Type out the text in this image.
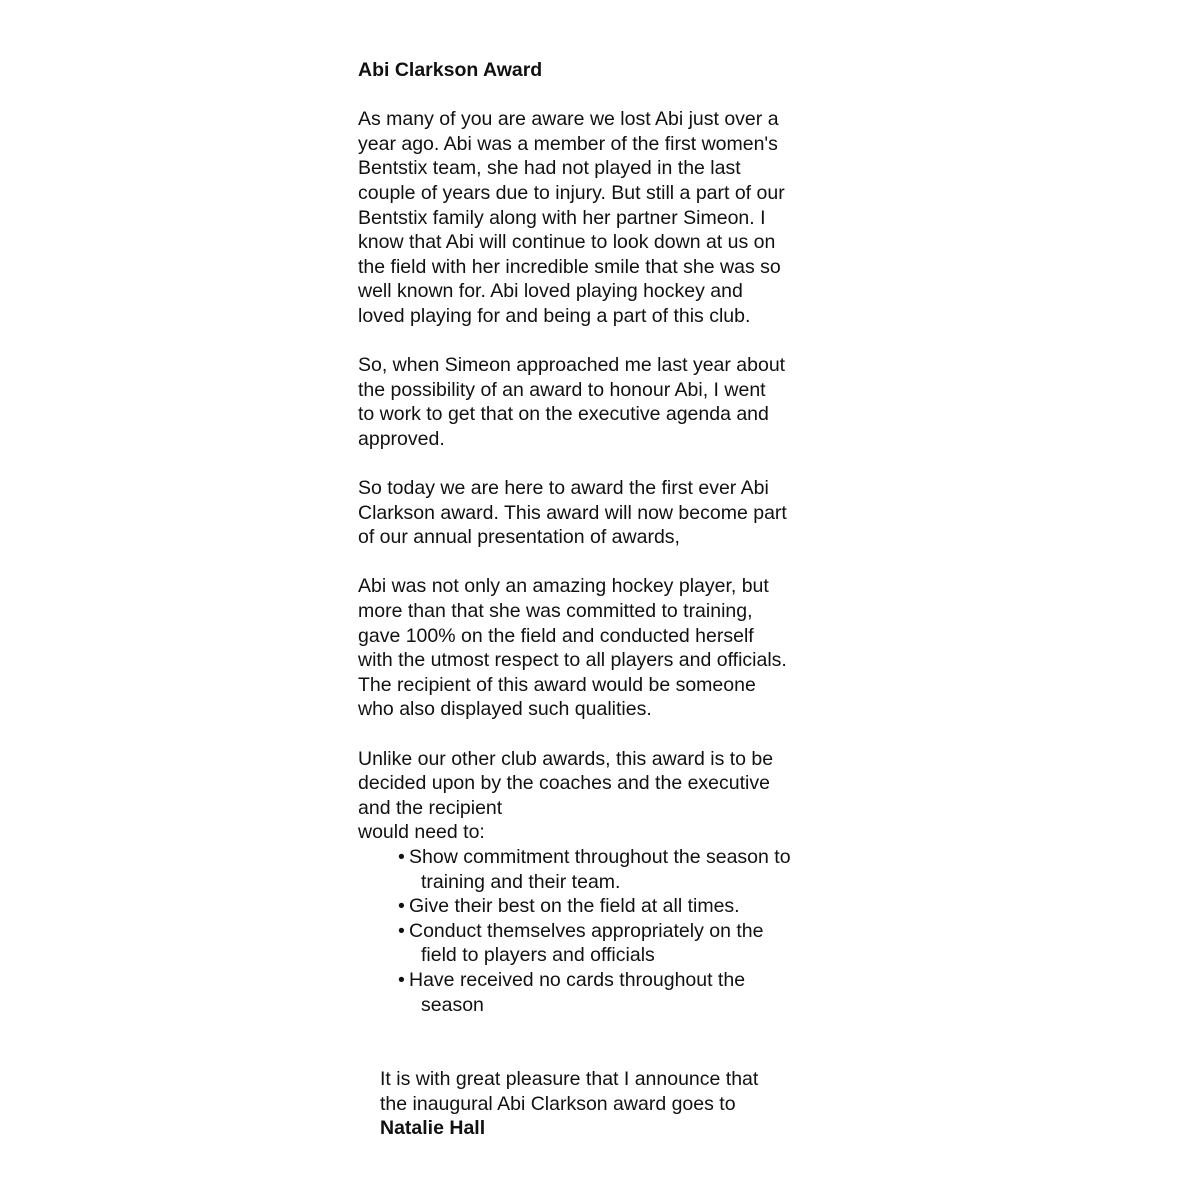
Abi Clarkson Award
As many of you are aware we lost Abi just over a
year ago. Abi was a member of the first women's
Bentstix team, she had not played in the last
couple of years due to injury. But still a part of our
Bentstix family along with her partner Simeon. I
know that Abi will continue to look down at us on
the field with her incredible smile that she was so
well known for. Abi loved playing hockey and
loved playing for and being a part of this club.
So, when Simeon approached me last year about
the possibility of an award to honour Abi, I went
to work to get that on the executive agenda and
approved.
So today we are here to award the first ever Abi
Clarkson award. This award will now become part
of our annual presentation of awards,
Abi was not only an amazing hockey player, but
more than that she was committed to training,
gave 100% on the field and conducted herself
with the utmost respect to all players and officials.
The recipient of this award would be someone
who also displayed such qualities.
Unlike our other club awards, this award is to be
decided upon by the coaches and the executive
and the recipient
would need to:
• Show commitment throughout the season to
training and their team.
• Give their best on the field at all times.
• Conduct themselves appropriately on the
field to players and officials
• Have received no cards throughout the
season
It is with great pleasure that I announce that
the inaugural Abi Clarkson award goes to
Natalie Hall
